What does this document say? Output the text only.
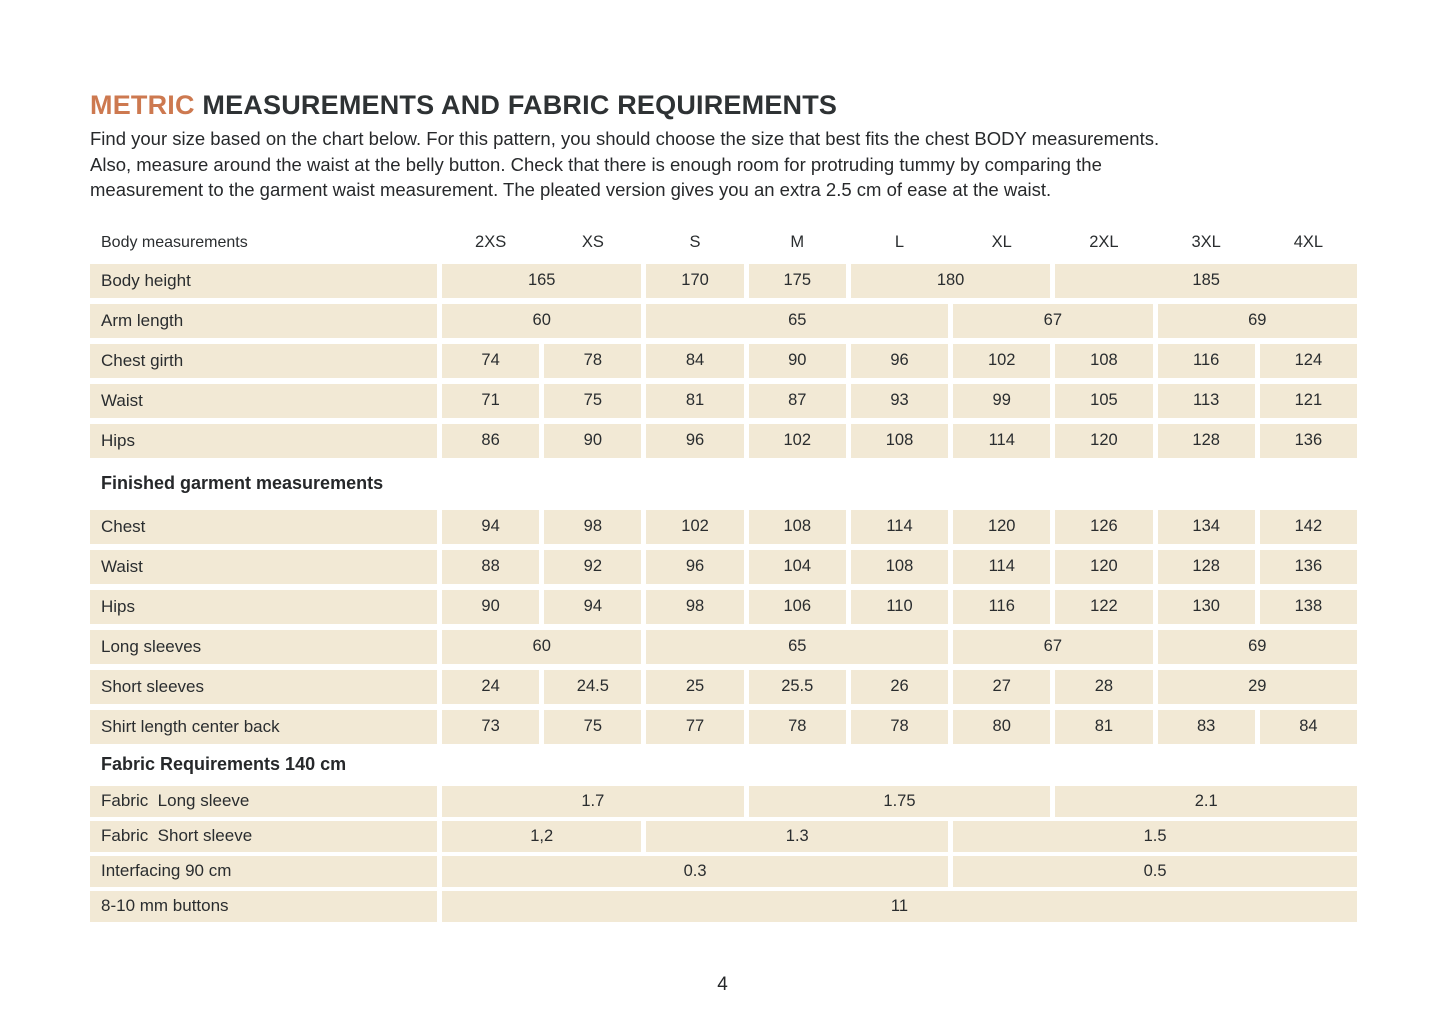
METRIC MEASUREMENTS AND FABRIC REQUIREMENTS
Find your size based on the chart below. For this pattern, you should choose the size that best fits the chest BODY measurements.
Also, measure around the waist at the belly button. Check that there is enough room for protruding tummy by comparing the
measurement to the garment waist measurement. The pleated version gives you an extra 2.5 cm of ease at the waist.
Body measurements	2XS	XS	S	M	L	XL	2XL	3XL	4XL
Body height	165	170	175	180	185
Arm length	60	65	67	69
Chest girth	74	78	84	90	96	102	108	116	124
Waist	71	75	81	87	93	99	105	113	121
Hips	86	90	96	102	108	114	120	128	136
Finished garment measurements
Chest	94	98	102	108	114	120	126	134	142
Waist	88	92	96	104	108	114	120	128	136
Hips	90	94	98	106	110	116	122	130	138
Long sleeves	60	65	67	69
Short sleeves	24	24.5	25	25.5	26	27	28	29
Shirt length center back	73	75	77	78	78	80	81	83	84
Fabric Requirements 140 cm
Fabric  Long sleeve	1.7	1.75	2.1
Fabric  Short sleeve	1,2	1.3	1.5
Interfacing 90 cm	0.3	0.5
8-10 mm buttons	11
4
